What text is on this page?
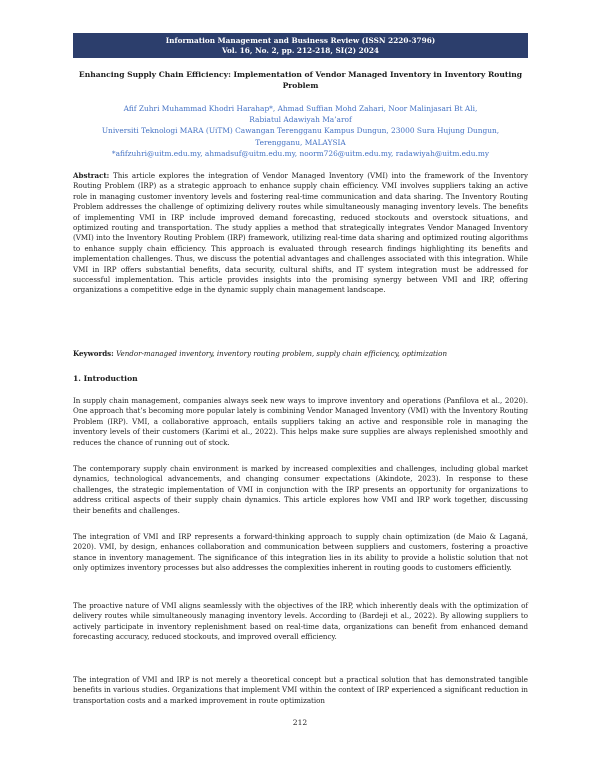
Information Management and Business Review (ISSN 2220-3796)
Vol. 16, No. 2, pp. 212-218, SI(2) 2024
Enhancing Supply Chain Efficiency: Implementation of Vendor Managed Inventory in Inventory Routing Problem
Afif Zuhri Muhammad Khodri Harahap*, Ahmad Suffian Mohd Zahari, Noor Malinjasari Bt Ali,
Rabiatul Adawiyah Ma’arof
Universiti Teknologi MARA (UiTM) Cawangan Terengganu Kampus Dungun, 23000 Sura Hujung Dungun,
Terengganu, MALAYSIA
*afifzuhri@uitm.edu.my, ahmadsuf@uitm.edu.my, noorm726@uitm.edu.my, radawiyah@uitm.edu.my
Abstract: This article explores the integration of Vendor Managed Inventory (VMI) into the framework of the Inventory Routing Problem (IRP) as a strategic approach to enhance supply chain efficiency. VMI involves suppliers taking an active role in managing customer inventory levels and fostering real-time communication and data sharing. The Inventory Routing Problem addresses the challenge of optimizing delivery routes while simultaneously managing inventory levels. The benefits of implementing VMI in IRP include improved demand forecasting, reduced stockouts and overstock situations, and optimized routing and transportation. The study applies a method that strategically integrates Vendor Managed Inventory (VMI) into the Inventory Routing Problem (IRP) framework, utilizing real-time data sharing and optimized routing algorithms to enhance supply chain efficiency. This approach is evaluated through research findings highlighting its benefits and implementation challenges. Thus, we discuss the potential advantages and challenges associated with this integration. While VMI in IRP offers substantial benefits, data security, cultural shifts, and IT system integration must be addressed for successful implementation. This article provides insights into the promising synergy between VMI and IRP, offering organizations a competitive edge in the dynamic supply chain management landscape.
Keywords: Vendor-managed inventory, inventory routing problem, supply chain efficiency, optimization
1. Introduction
In supply chain management, companies always seek new ways to improve inventory and operations (Panfilova et al., 2020). One approach that’s becoming more popular lately is combining Vendor Managed Inventory (VMI) with the Inventory Routing Problem (IRP). VMI, a collaborative approach, entails suppliers taking an active and responsible role in managing the inventory levels of their customers (Karimi et al., 2022). This helps make sure supplies are always replenished smoothly and reduces the chance of running out of stock.
The contemporary supply chain environment is marked by increased complexities and challenges, including global market dynamics, technological advancements, and changing consumer expectations (Akindote, 2023). In response to these challenges, the strategic implementation of VMI in conjunction with the IRP presents an opportunity for organizations to address critical aspects of their supply chain dynamics. This article explores how VMI and IRP work together, discussing their benefits and challenges.
The integration of VMI and IRP represents a forward-thinking approach to supply chain optimization (de Maio & Laganá, 2020). VMI, by design, enhances collaboration and communication between suppliers and customers, fostering a proactive stance in inventory management. The significance of this integration lies in its ability to provide a holistic solution that not only optimizes inventory processes but also addresses the complexities inherent in routing goods to customers efficiently.
The proactive nature of VMI aligns seamlessly with the objectives of the IRP, which inherently deals with the optimization of delivery routes while simultaneously managing inventory levels. According to (Bardeji et al., 2022). By allowing suppliers to actively participate in inventory replenishment based on real-time data, organizations can benefit from enhanced demand forecasting accuracy, reduced stockouts, and improved overall efficiency.
The integration of VMI and IRP is not merely a theoretical concept but a practical solution that has demonstrated tangible benefits in various studies. Organizations that implement VMI within the context of IRP experienced a significant reduction in transportation costs and a marked improvement in route optimization
212
